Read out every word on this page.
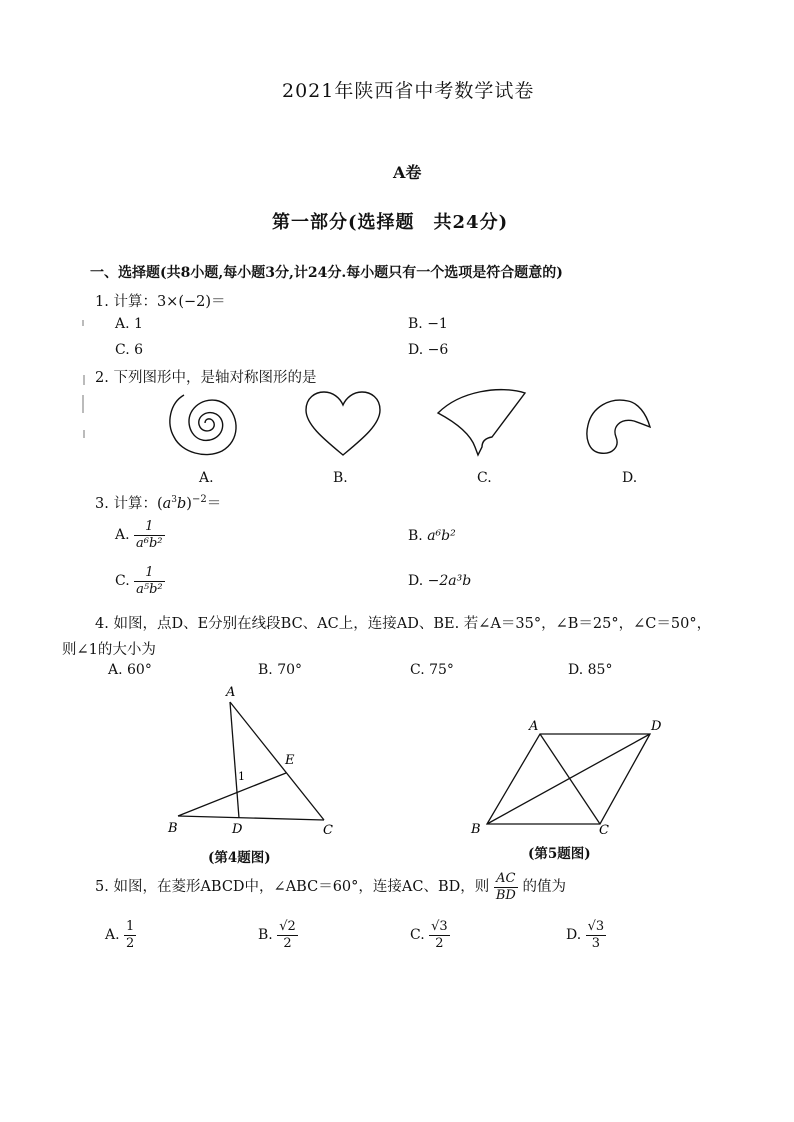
2021年陕西省中考数学试卷
A卷
第一部分(选择题　共24分)
一、选择题(共8小题,每小题3分,计24分.每小题只有一个选项是符合题意的)
1. 计算：3×(−2)＝
A. 1	B. −1
C. 6	D. −6
2. 下列图形中，是轴对称图形的是
A.	B.	C.	D.
3. 计算：$(a^3b)^{-2}=$
A. $\frac{1}{\text{a⁶b²}}$	B. a⁶b²
C. $\frac{1}{\text{a⁵b²}}$	D. −2a³b
4. 如图，点D、E分别在线段BC、AC上，连接AD、BE. 若∠A＝35°，∠B＝25°，∠C＝50°，
则∠1的大小为
A. 60°	B. 70°	C. 75°	D. 85°
A
B	C
D
E
1
(第4题图)
A	D
B	C
(第5题图)
5. 如图，在菱形ABCD中，∠ABC＝60°，连接AC、BD，则 $\frac{AC}{BD}$ 的值为
A. $\frac{1}{2}$	B. $\frac{√2}{2}$	C. $\frac{√3}{2}$	D. $\frac{√3}{3}$
